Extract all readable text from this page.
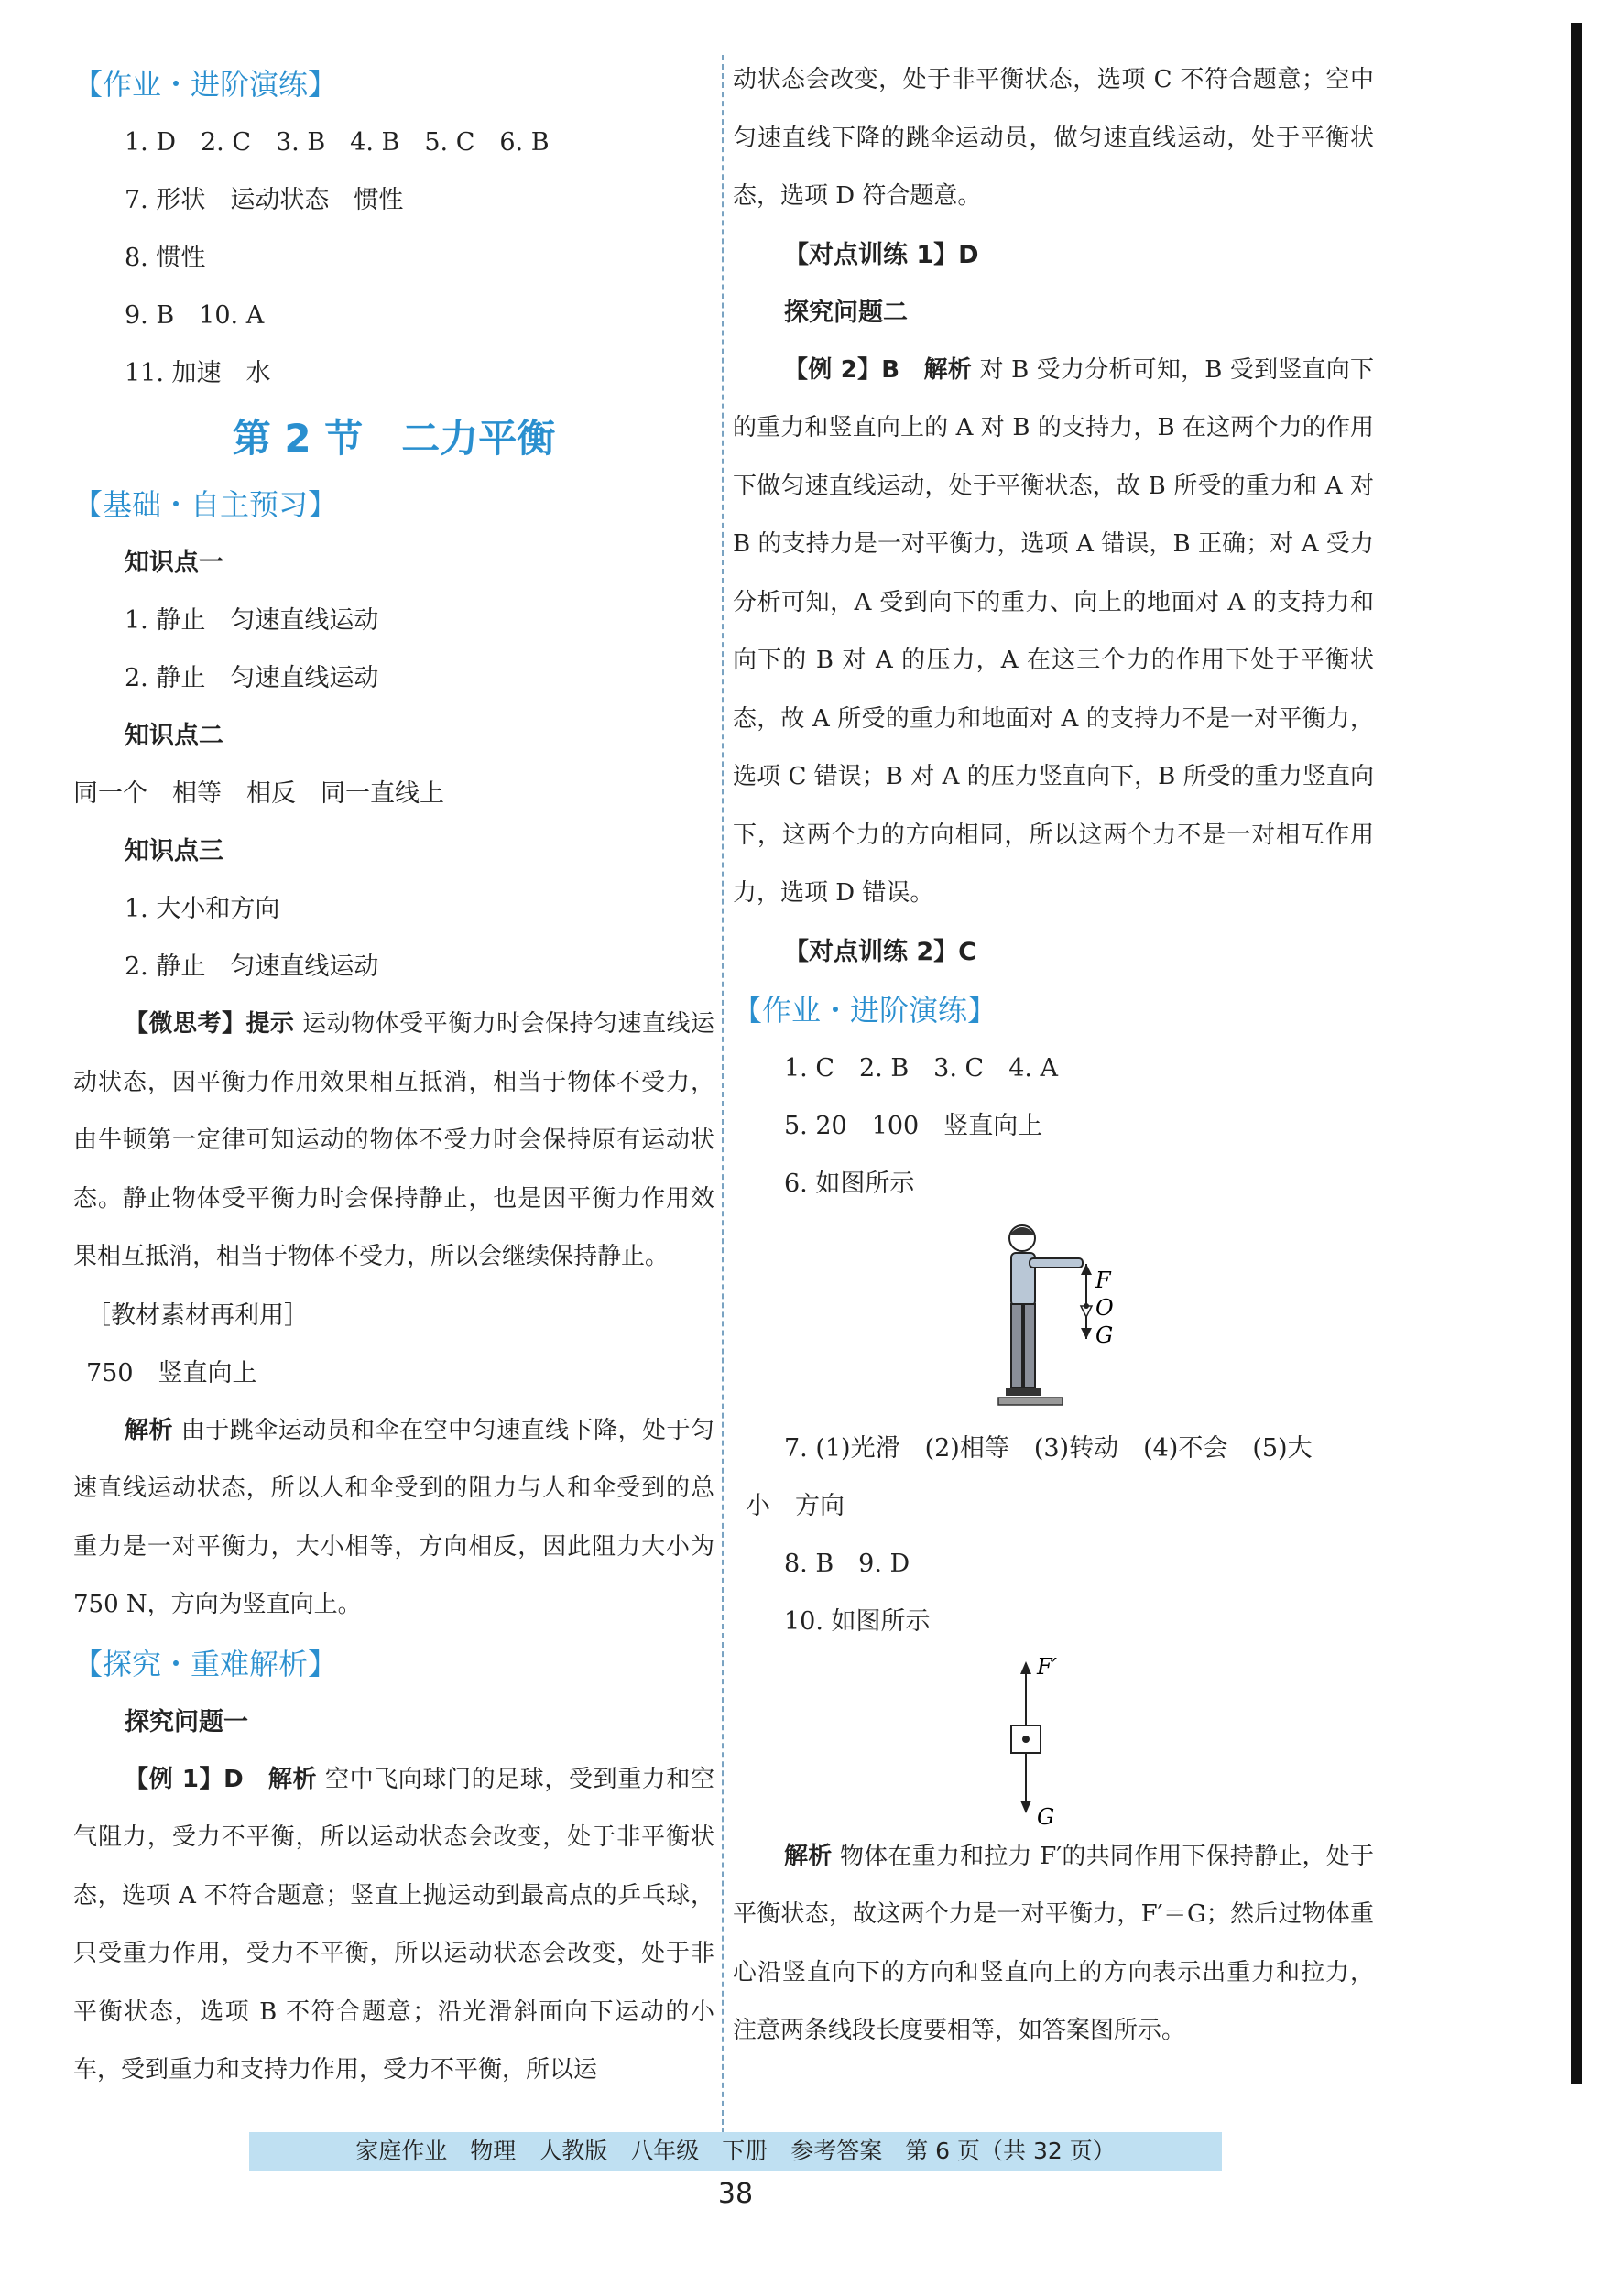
【作业・进阶演练】
1. D　2. C　3. B　4. B　5. C　6. B
7. 形状　运动状态　惯性
8. 惯性
9. B　10. A
11. 加速　水
第 2 节　二力平衡
【基础・自主预习】
知识点一
1. 静止　匀速直线运动
2. 静止　匀速直线运动
知识点二
同一个　相等　相反　同一直线上
知识点三
1. 大小和方向
2. 静止　匀速直线运动

【微思考】提示 运动物体受平衡力时会保持匀速直线运动状态，因平衡力作用效果相互抵消，相当于物体不受力，由牛顿第一定律可知运动的物体不受力时会保持原有运动状态。静止物体受平衡力时会保持静止，也是因平衡力作用效果相互抵消，相当于物体不受力，所以会继续保持静止。

［教材素材再利用］
750　竖直向上

解析 由于跳伞运动员和伞在空中匀速直线下降，处于匀速直线运动状态，所以人和伞受到的阻力与人和伞受到的总重力是一对平衡力，大小相等，方向相反，因此阻力大小为 750 N，方向为竖直向上。

【探究・重难解析】
探究问题一

【例 1】D　解析 空中飞向球门的足球，受到重力和空气阻力，受力不平衡，所以运动状态会改变，处于非平衡状态，选项 A 不符合题意；竖直上抛运动到最高点的乒乓球，只受重力作用，受力不平衡，所以运动状态会改变，处于非平衡状态，选项 B 不符合题意；沿光滑斜面向下运动的小车，受到重力和支持力作用，受力不平衡，所以运

动状态会改变，处于非平衡状态，选项 C 不符合题意；空中匀速直线下降的跳伞运动员，做匀速直线运动，处于平衡状态，选项 D 符合题意。

【对点训练 1】D
探究问题二

【例 2】B　解析 对 B 受力分析可知，B 受到竖直向下的重力和竖直向上的 A 对 B 的支持力，B 在这两个力的作用下做匀速直线运动，处于平衡状态，故 B 所受的重力和 A 对 B 的支持力是一对平衡力，选项 A 错误，B 正确；对 A 受力分析可知，A 受到向下的重力、向上的地面对 A 的支持力和向下的 B 对 A 的压力，A 在这三个力的作用下处于平衡状态，故 A 所受的重力和地面对 A 的支持力不是一对平衡力，选项 C 错误；B 对 A 的压力竖直向下，B 所受的重力竖直向下，这两个力的方向相同，所以这两个力不是一对相互作用力，选项 D 错误。

【对点训练 2】C
【作业・进阶演练】
1. C　2. B　3. C　4. A
5. 20　100　竖直向上
6. 如图所示
F
O
G
7. (1)光滑　(2)相等　(3)转动　(4)不会　(5)大
小　方向
8. B　9. D
10. 如图所示
F′
G

解析 物体在重力和拉力 F′的共同作用下保持静止，处于平衡状态，故这两个力是一对平衡力，F′＝G；然后过物体重心沿竖直向下的方向和竖直向上的方向表示出重力和拉力，注意两条线段长度要相等，如答案图所示。

家庭作业　物理　人教版　八年级　下册　参考答案　第 6 页（共 32 页）
38
